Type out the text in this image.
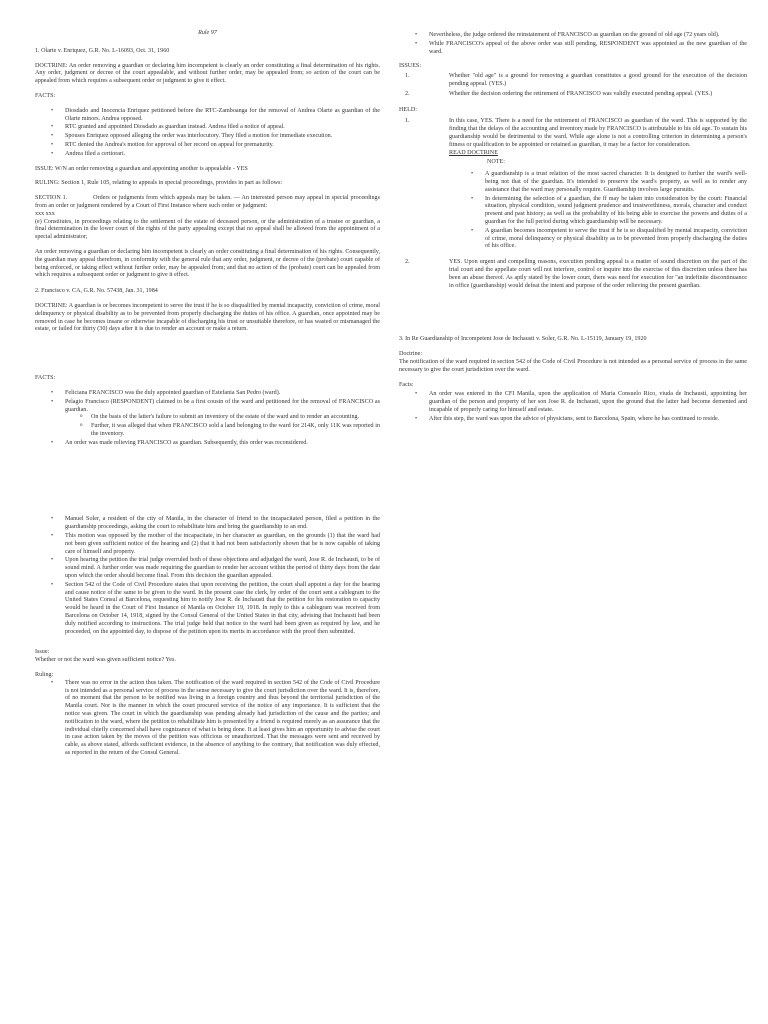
Rule 97

1. Olarte v. Enriquez, G.R. No. L-16093, Oct. 31, 1960

DOCTRINE: An order removing a guardian or declaring him incompetent is clearly an order constituting a final determination of his rights. Any order, judgment or decree of the court appealable, and without further order, may be appealed from; so action of the court can be appealed from which requires a subsequent order or judgment to give it effect.

FACTS:

• Diosdado and Inocencia Enriquez petitioned before the RTC-Zamboanga for the removal of Andrea Olarte as guardian of the Olarte minors. Andrea opposed.
• RTC granted and appointed Diosdado as guardian instead. Andrea filed a notice of appeal.
• Spouses Enriquez opposed alleging the order was interlocutory. They filed a motion for immediate execution.
• RTC denied the Andrea's motion for approval of her record on appeal for prematurity.
• Andrea filed a certiorari.

ISSUE: W/N an order removing a guardian and appointing another is appealable - YES

RULING: Section 1, Rule 105, relating to appeals in special proceedings, provides in part as follows:

SECTION 1.	Orders or judgments from which appeals may be taken. — An interested person may appeal in special proceedings from an order or judgment rendered by a Court of First Instance where such order or judgment:

xxx xxx

(e) Constitutes, in proceedings relating to the settlement of the estate of deceased person, or the administration of a trustee or guardian, a final determination in the lower court of the rights of the party appealing except that no appeal shall be allowed from the appointment of a special administrator;

An order removing a guardian or declaring him incompetent is clearly an order constituting a final determination of his rights. Consequently, the guardian may appeal therefrom, in conformity with the general rule that any order, judgment, or decree of the (probate) court capable of being enforced, or taking effect without further order, may be appealed from; and that no action of the (probate) court can be appealed from which requires a subsequent order or judgment to give it effect.

2. Francisco v. CA, G.R. No. 57438, Jan. 31, 1984

DOCTRINE: A guardian is or becomes incompetent to serve the trust if he is so disqualified by mental incapacity, conviction of crime, moral delinquency or physical disability as to be prevented from properly discharging the duties of his office. A guardian, once appointed may be removed in case he becomes insane or otherwise incapable of discharging his trust or unsuitable therefore, or has wasted or mismanaged the estate, or failed for thirty (30) days after it is due to render an account or make a return.

FACTS:

• Feliciana FRANCISCO was the duly appointed guardian of Estefania San Pedro (ward).
• Pelagio Francisco (RESPONDENT) claimed to be a first cousin of the ward and petitioned for the removal of FRANCISCO as guardian.
o On the basis of the latter's failure to submit an inventory of the estate of the ward and to render an accounting.
o Further, it was alleged that when FRANCISCO sold a land belonging to the ward for 214K, only 11K was reported in the inventory.
• An order was made relieving FRANCISCO as guardian. Subsequently, this order was reconsidered.
• Manuel Soler, a resident of the city of Manila, in the character of friend to the incapacitated person, filed a petition in the guardianship proceedings, asking the court to rehabilitate him and bring the guardianship to an end.
• This motion was opposed by the mother of the incapacitate, in her character as guardian, on the grounds (1) that the ward had not been given sufficient notice of the hearing and (2) that it had not been satisfactorily shown that he is now capable of taking care of himself and property.
• Upon hearing the petition the trial judge overruled both of these objections and adjudged the ward, Jose R. de Inchausti, to be of sound mind. A further order was made requiring the guardian to render her account within the period of thirty days from the date upon which the order should become final. From this decision the guardian appealed.
• Section 542 of the Code of Civil Procedure states that upon receiving the petition, the court shall appoint a day for the hearing and cause notice of the same to be given to the ward. In the present case the clerk, by order of the court sent a cablegram to the United States Consul at Barcelona, requesting him to notify Jose R. de Inchausti that the petition for his restoration to capacity would be heard in the Court of First Instance of Manila on October 19, 1918. In reply to this a cablegram was received from Barcelona on October 14, 1918, signed by the Consul General of the United States in that city, advising that Inchausti had been duly notified according to instructions. The trial judge held that notice to the ward had been given as required by law, and he proceeded, on the appointed day, to dispose of the petition upon its merits in accordance with the proof then submitted.

Issue:

Whether or not the ward was given sufficient notice? Yes.

Ruling:

• There was no error in the action thus taken. The notification of the ward required in section 542 of the Code of Civil Procedure is not intended as a personal service of process in the sense necessary to give the court jurisdiction over the ward. It is, therefore, of no moment that the person to be notified was living in a foreign country and thus beyond the territorial jurisdiction of the Manila court. Nor is the manner in which the court procured service of the notice of any importance. It is sufficient that the notice was given. The court in which the guardianship was pending already had jurisdiction of the cause and the parties; and notification to the ward, where the petition to rehabilitate him is presented by a friend is required merely as an assurance that the individual chiefly concerned shall have cognizance of what is being done. It at least gives him an opportunity to advise the court in case action taken by the moves of the petition was officious or unauthorized. That the messages were sent and received by cable, as above stated, affords sufficient evidence, in the absence of anything to the contrary, that notification was duly effected, as reported in the return of the Consul General.
• Nevertheless, the judge ordered the reinstatement of FRANCISCO as guardian on the ground of old age (72 years old).
• While FRANCISCO's appeal of the above order was still pending, RESPONDENT was appointed as the new guardian of the ward.

ISSUES:

1.	Whether "old age" is a ground for removing a guardian constitutes a good ground for the execution of the decision pending appeal. (YES.)
2.	Whether the decision ordering the retirement of FRANCISCO was validly executed pending appeal. (YES.)

HELD:

1.	In this case, YES. There is a need for the retirement of FRANCISCO as guardian of the ward. This is supported by the finding that the delays of the accounting and inventory made by FRANCISCO is attributable to his old age. To sustain his guardianship would be detrimental to the ward. While age alone is not a controlling criterion in determining a person's fitness or qualification to be appointed or retained as guardian, it may be a factor for consideration.
READ DOCTRINE
NOTE:
• A guardianship is a trust relation of the most sacred character. It is designed to further the ward's well-being not that of the guardian. It's intended to preserve the ward's property, as well as to render any assistance that the ward may personally require. Guardianship involves large pursuits.
• In determining the selection of a guardian, the ff may be taken into consideration by the court: Financial situation, physical condition, sound judgment prudence and trustworthiness, morals, character and conduct present and past history; as well as the probability of his being able to exercise the powers and duties of a guardian for the full period during which guardianship will be necessary.
• A guardian becomes incompetent to serve the trust if he is so disqualified by mental incapacity, conviction of crime, moral delinquency or physical disability as to be prevented from properly discharging the duties of his office.
2.	YES. Upon urgent and compelling reasons, execution pending appeal is a matter of sound discretion on the part of the trial court and the appellate court will not interfere, control or inquire into the exercise of this discretion unless there has been an abuse thereof. As aptly stated by the lower court, there was need for execution for "an indefinite discontinuance in office (guardianship) would defeat the intent and purpose of the order relieving the present guardian.

3. In Re Guardianship of Incompetent Jose de Inchausti v. Soler, G.R. No. L-15119, January 19, 1920

Doctrine:

The notification of the ward required in section 542 of the Code of Civil Procedure is not intended as a personal service of process in the same necessary to give the court jurisdiction over the ward.

Facts:

• An order was entered in the CFI Manila, upon the application of Maria Consuelo Rico, viuda de Inchausti, appointing her guardian of the person and property of her son Jose R. de Inchausti, upon the ground that the latter had become demented and incapable of properly caring for himself and estate.
• After this step, the ward was upon the advice of physicians, sent to Barcelona, Spain, where he has continued to reside.
